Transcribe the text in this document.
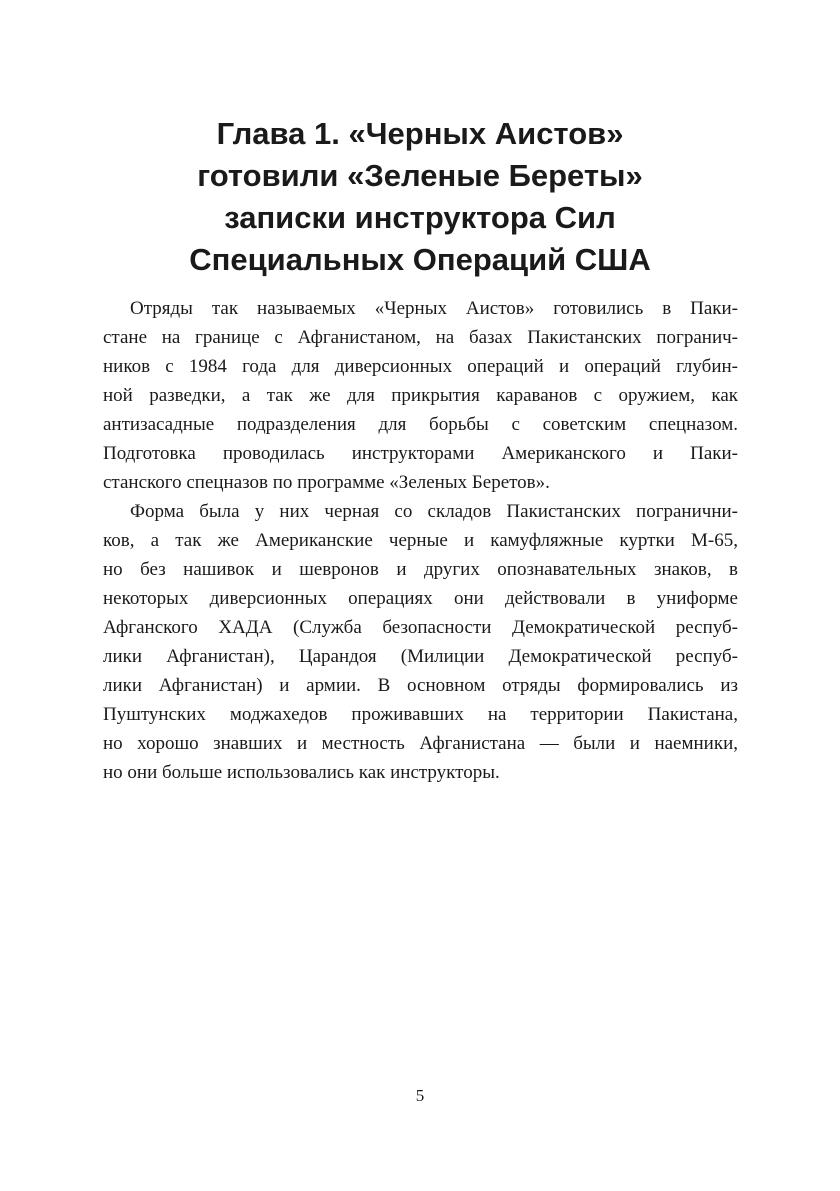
Глава 1. «Черных Аистов»
готовили «Зеленые Береты»
записки инструктора Сил
Специальных Операций США

Отряды так называемых «Черных Аистов» готовились в Паки-
стане на границе с Афганистаном, на базах Пакистанских погранич-
ников с 1984 года для диверсионных операций и операций глубин-
ной разведки, а так же для прикрытия караванов с оружием, как
антизасадные подразделения для борьбы с советским спецназом.
Подготовка проводилась инструкторами Американского и Паки-
станского спецназов по программе «Зеленых Беретов».

Форма была у них черная со складов Пакистанских погранични-
ков, а так же Американские черные и камуфляжные куртки М-65,
но без нашивок и шевронов и других опознавательных знаков, в
некоторых диверсионных операциях они действовали в униформе
Афганского ХАДА (Служба безопасности Демократической респуб-
лики Афганистан), Царандоя (Милиции Демократической респуб-
лики Афганистан) и армии. В основном отряды формировались из
Пуштунских моджахедов проживавших на территории Пакистана,
но хорошо знавших и местность Афганистана — были и наемники,
но они больше использовались как инструкторы.

5
